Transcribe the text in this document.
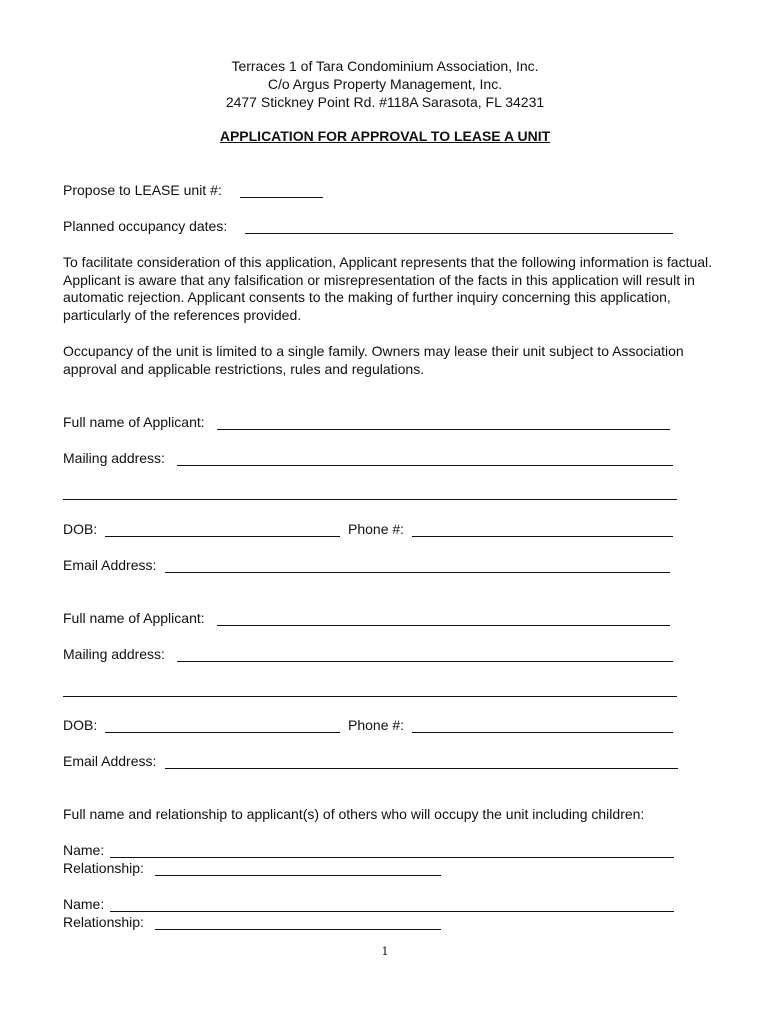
Terraces 1 of Tara Condominium Association, Inc.
C/o Argus Property Management, Inc.
2477 Stickney Point Rd. #118A Sarasota, FL 34231
APPLICATION FOR APPROVAL TO LEASE A UNIT
Propose to LEASE unit #:
Planned occupancy dates:
To facilitate consideration of this application, Applicant represents that the following information is factual. Applicant is aware that any falsification or misrepresentation of the facts in this application will result in automatic rejection. Applicant consents to the making of further inquiry concerning this application, particularly of the references provided.
Occupancy of the unit is limited to a single family. Owners may lease their unit subject to Association approval and applicable restrictions, rules and regulations.
Full name of Applicant:
Mailing address:
DOB:	Phone #:
Email Address:
Full name of Applicant:
Mailing address:
DOB:	Phone #:
Email Address:
Full name and relationship to applicant(s) of others who will occupy the unit including children:
Name:
Relationship:
Name:
Relationship:
1
